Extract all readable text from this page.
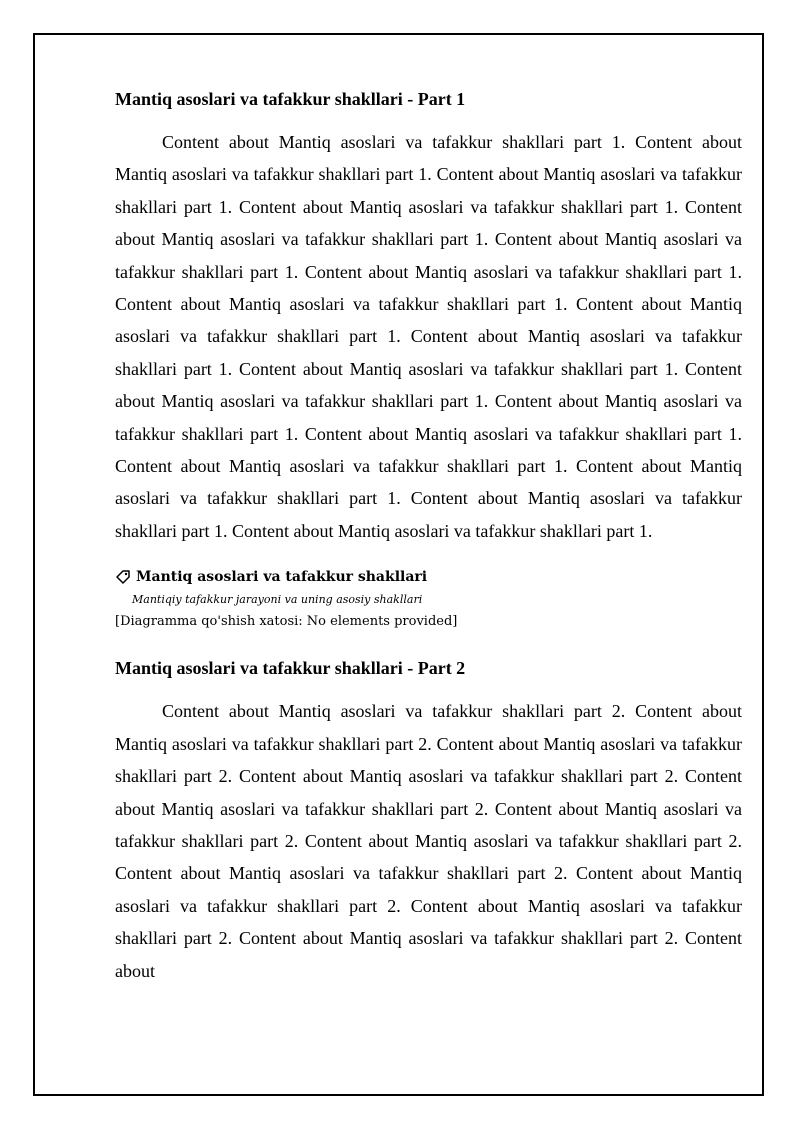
Mantiq asoslari va tafakkur shakllari - Part 1

Content about Mantiq asoslari va tafakkur shakllari part 1. Content about Mantiq asoslari va tafakkur shakllari part 1. Content about Mantiq asoslari va tafakkur shakllari part 1. Content about Mantiq asoslari va tafakkur shakllari part 1. Content about Mantiq asoslari va tafakkur shakllari part 1. Content about Mantiq asoslari va tafakkur shakllari part 1. Content about Mantiq asoslari va tafakkur shakllari part 1. Content about Mantiq asoslari va tafakkur shakllari part 1. Content about Mantiq asoslari va tafakkur shakllari part 1. Content about Mantiq asoslari va tafakkur shakllari part 1. Content about Mantiq asoslari va tafakkur shakllari part 1. Content about Mantiq asoslari va tafakkur shakllari part 1. Content about Mantiq asoslari va tafakkur shakllari part 1. Content about Mantiq asoslari va tafakkur shakllari part 1. Content about Mantiq asoslari va tafakkur shakllari part 1. Content about Mantiq asoslari va tafakkur shakllari part 1. Content about Mantiq asoslari va tafakkur shakllari part 1. Content about Mantiq asoslari va tafakkur shakllari part 1.

Mantiq asoslari va tafakkur shakllari
Mantiqiy tafakkur jarayoni va uning asosiy shakllari
[Diagramma qo'shish xatosi: No elements provided]
Mantiq asoslari va tafakkur shakllari - Part 2

Content about Mantiq asoslari va tafakkur shakllari part 2. Content about Mantiq asoslari va tafakkur shakllari part 2. Content about Mantiq asoslari va tafakkur shakllari part 2. Content about Mantiq asoslari va tafakkur shakllari part 2. Content about Mantiq asoslari va tafakkur shakllari part 2. Content about Mantiq asoslari va tafakkur shakllari part 2. Content about Mantiq asoslari va tafakkur shakllari part 2. Content about Mantiq asoslari va tafakkur shakllari part 2. Content about Mantiq asoslari va tafakkur shakllari part 2. Content about Mantiq asoslari va tafakkur shakllari part 2. Content about Mantiq asoslari va tafakkur shakllari part 2. Content about
